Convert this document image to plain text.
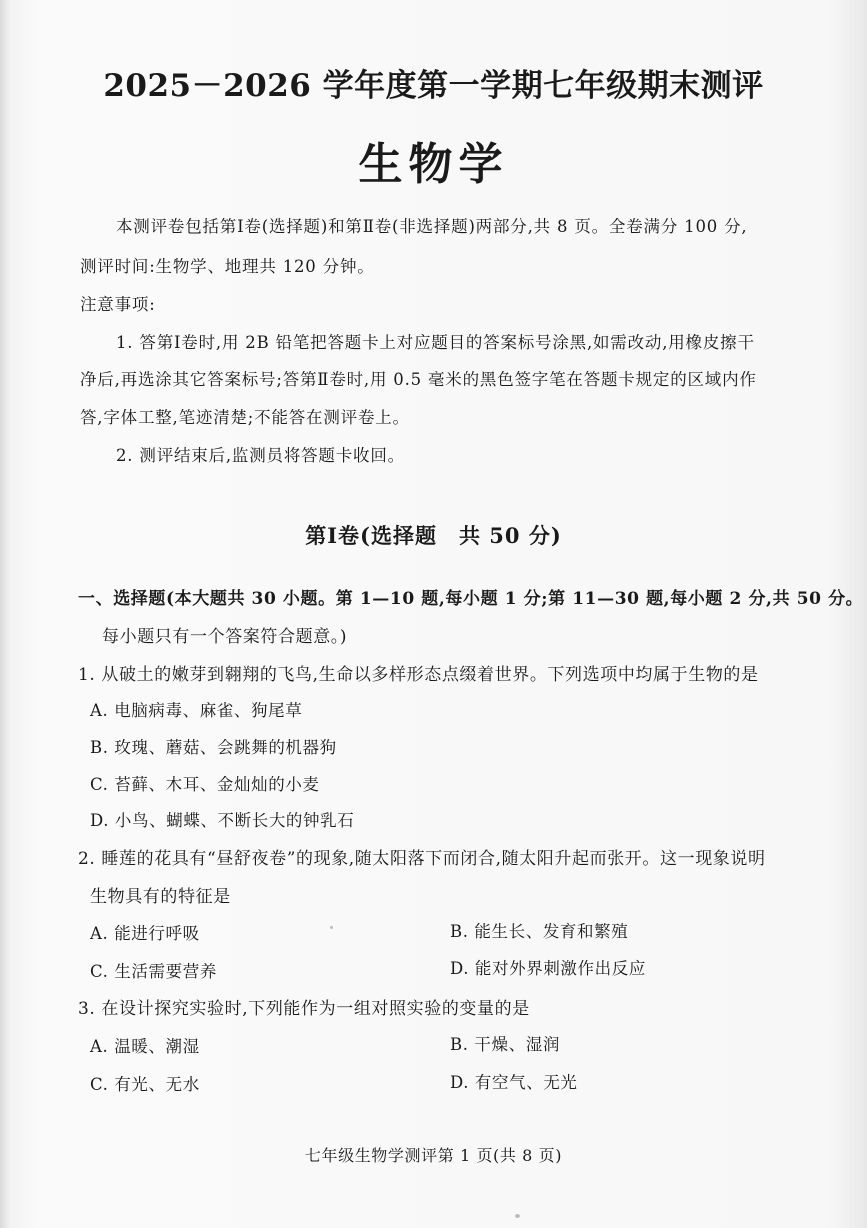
2025－2026 学年度第一学期七年级期末测评
生物学
本测评卷包括第Ⅰ卷(选择题)和第Ⅱ卷(非选择题)两部分,共 8 页。全卷满分 100 分,
测评时间:生物学、地理共 120 分钟。
注意事项:
1. 答第Ⅰ卷时,用 2B 铅笔把答题卡上对应题目的答案标号涂黑,如需改动,用橡皮擦干
净后,再选涂其它答案标号;答第Ⅱ卷时,用 0.5 毫米的黑色签字笔在答题卡规定的区域内作
答,字体工整,笔迹清楚;不能答在测评卷上。
2. 测评结束后,监测员将答题卡收回。
第Ⅰ卷(选择题　共 50 分)
一、选择题(本大题共 30 小题。第 1—10 题,每小题 1 分;第 11—30 题,每小题 2 分,共 50 分。
每小题只有一个答案符合题意。)
1. 从破土的嫩芽到翱翔的飞鸟,生命以多样形态点缀着世界。下列选项中均属于生物的是
A. 电脑病毒、麻雀、狗尾草
B. 玫瑰、蘑菇、会跳舞的机器狗
C. 苔藓、木耳、金灿灿的小麦
D. 小鸟、蝴蝶、不断长大的钟乳石
2. 睡莲的花具有“昼舒夜卷”的现象,随太阳落下而闭合,随太阳升起而张开。这一现象说明
生物具有的特征是
A. 能进行呼吸	B. 能生长、发育和繁殖
C. 生活需要营养	D. 能对外界刺激作出反应
3. 在设计探究实验时,下列能作为一组对照实验的变量的是
A. 温暖、潮湿	B. 干燥、湿润
C. 有光、无水	D. 有空气、无光
七年级生物学测评第 1 页(共 8 页)
